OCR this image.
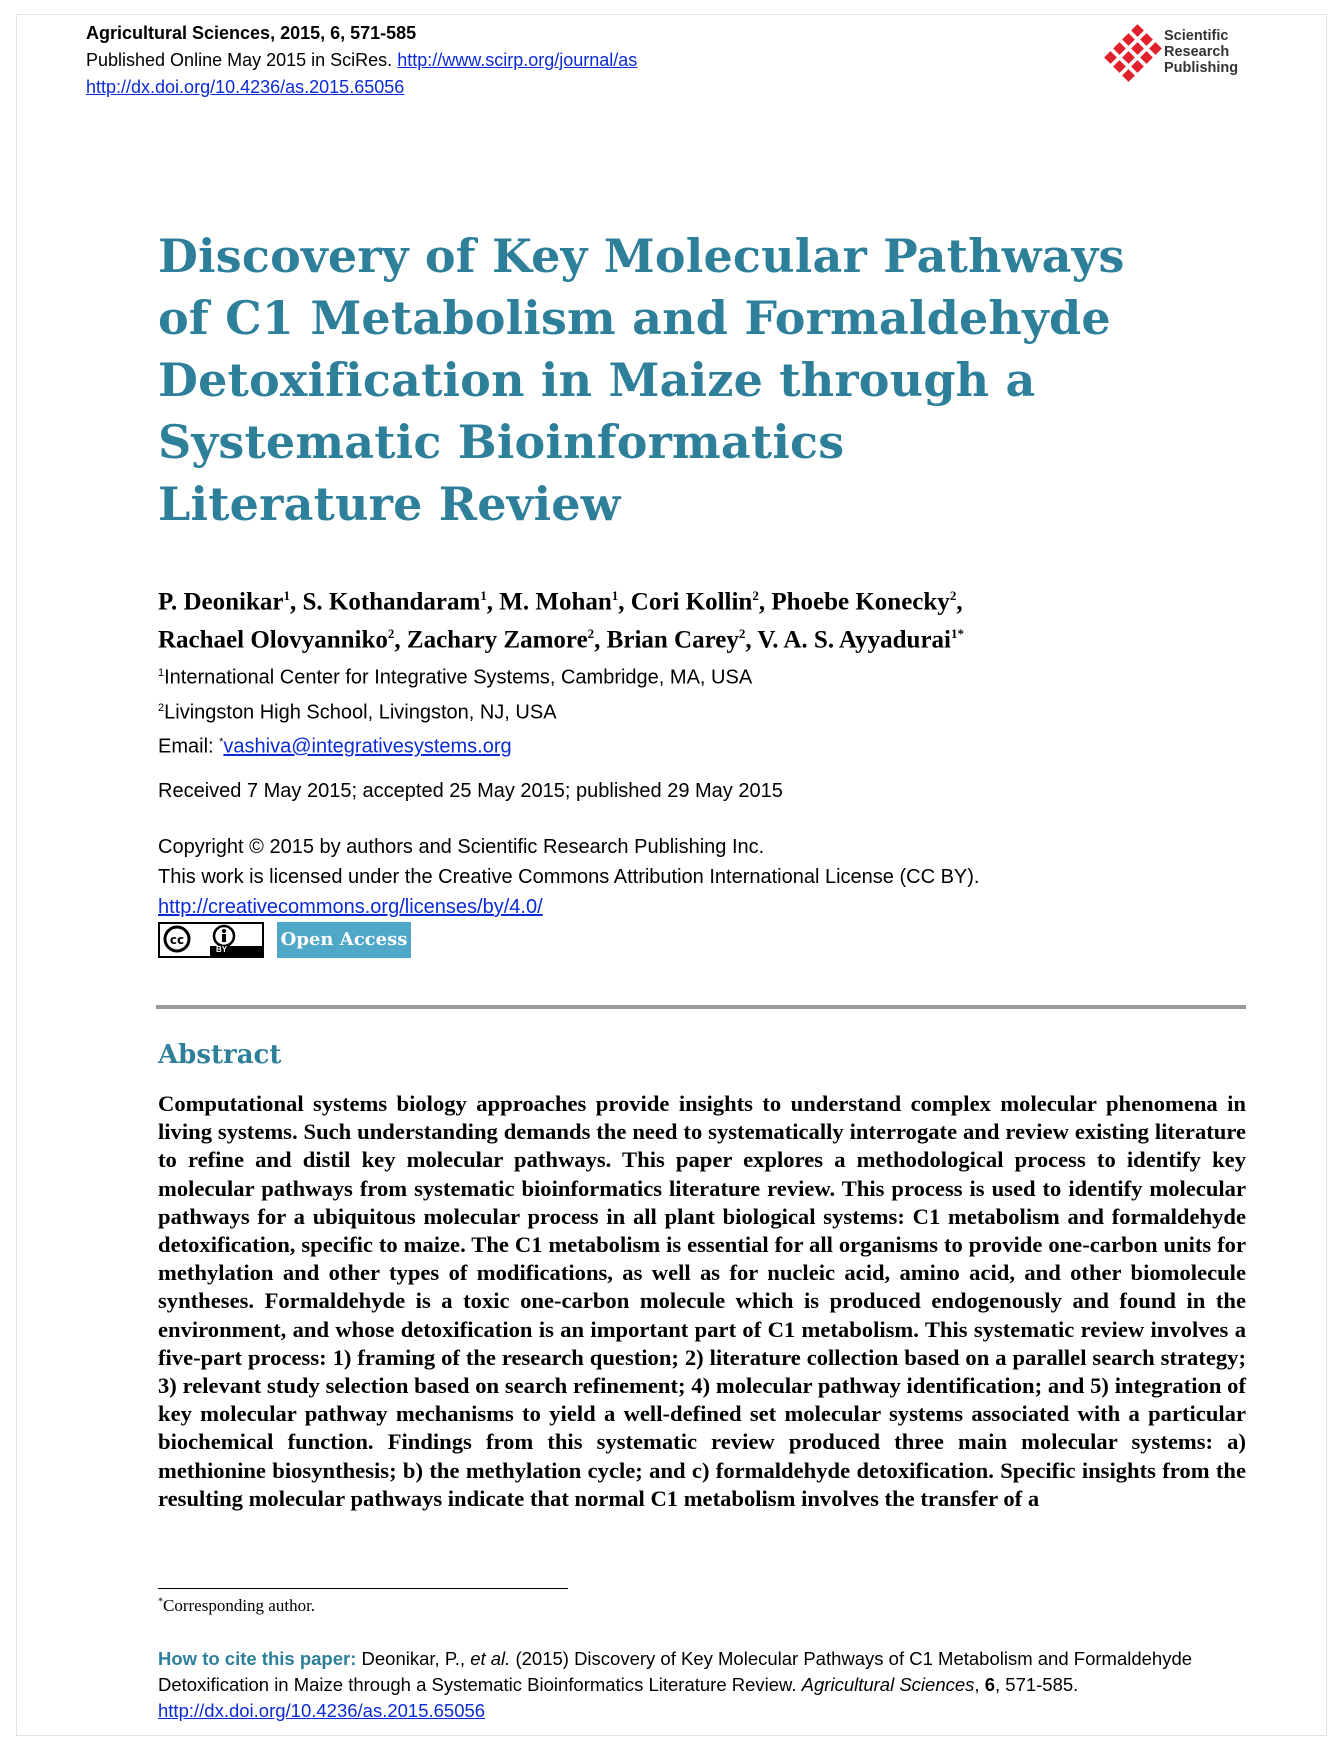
Agricultural Sciences, 2015, 6, 571-585
Published Online May 2015 in SciRes. http://www.scirp.org/journal/as
http://dx.doi.org/10.4236/as.2015.65056
Scientific
Research
Publishing
Discovery of Key Molecular Pathways
of C1 Metabolism and Formaldehyde
Detoxification in Maize through a
Systematic Bioinformatics
Literature Review
P. Deonikar$^1$, S. Kothandaram$^1$, M. Mohan$^1$, Cori Kollin$^2$, Phoebe Konecky$^2$,
Rachael Olovyanniko$^2$, Zachary Zamore$^2$, Brian Carey$^2$, V. A. S. Ayyadurai$^{1*}$
$^1$International Center for Integrative Systems, Cambridge, MA, USA
$^2$Livingston High School, Livingston, NJ, USA
Email: *vashiva@integrativesystems.org
Received 7 May 2015; accepted 25 May 2015; published 29 May 2015
Copyright © 2015 by authors and Scientific Research Publishing Inc.
This work is licensed under the Creative Commons Attribution International License (CC BY).
http://creativecommons.org/licenses/by/4.0/
cc
BY	Open Access
Abstract
Computational systems biology approaches provide insights to understand complex molecular phenomena in living systems. Such understanding demands the need to systematically interrogate and review existing literature to refine and distil key molecular pathways. This paper explores a methodological process to identify key molecular pathways from systematic bioinformatics literature review. This process is used to identify molecular pathways for a ubiquitous molecular process in all plant biological systems: C1 metabolism and formaldehyde detoxification, specific to maize. The C1 metabolism is essential for all organisms to provide one-carbon units for methylation and other types of modifications, as well as for nucleic acid, amino acid, and other biomolecule syntheses. Formaldehyde is a toxic one-carbon molecule which is produced endogenously and found in the environment, and whose detoxification is an important part of C1 metabolism. This systematic review involves a five-part process: 1) framing of the research question; 2) literature collection based on a parallel search strategy; 3) relevant study selection based on search refinement; 4) molecular pathway identification; and 5) integration of key molecular pathway mechanisms to yield a well-defined set molecular systems associated with a particular biochemical function. Findings from this systematic review produced three main molecular systems: a) methionine biosynthesis; b) the methylation cycle; and c) formaldehyde detoxification. Specific insights from the resulting molecular pathways indicate that normal C1 metabolism involves the transfer of a
*Corresponding author.
How to cite this paper: Deonikar, P., et al. (2015) Discovery of Key Molecular Pathways of C1 Metabolism and Formaldehyde Detoxification in Maize through a Systematic Bioinformatics Literature Review. Agricultural Sciences, 6, 571-585.
http://dx.doi.org/10.4236/as.2015.65056
